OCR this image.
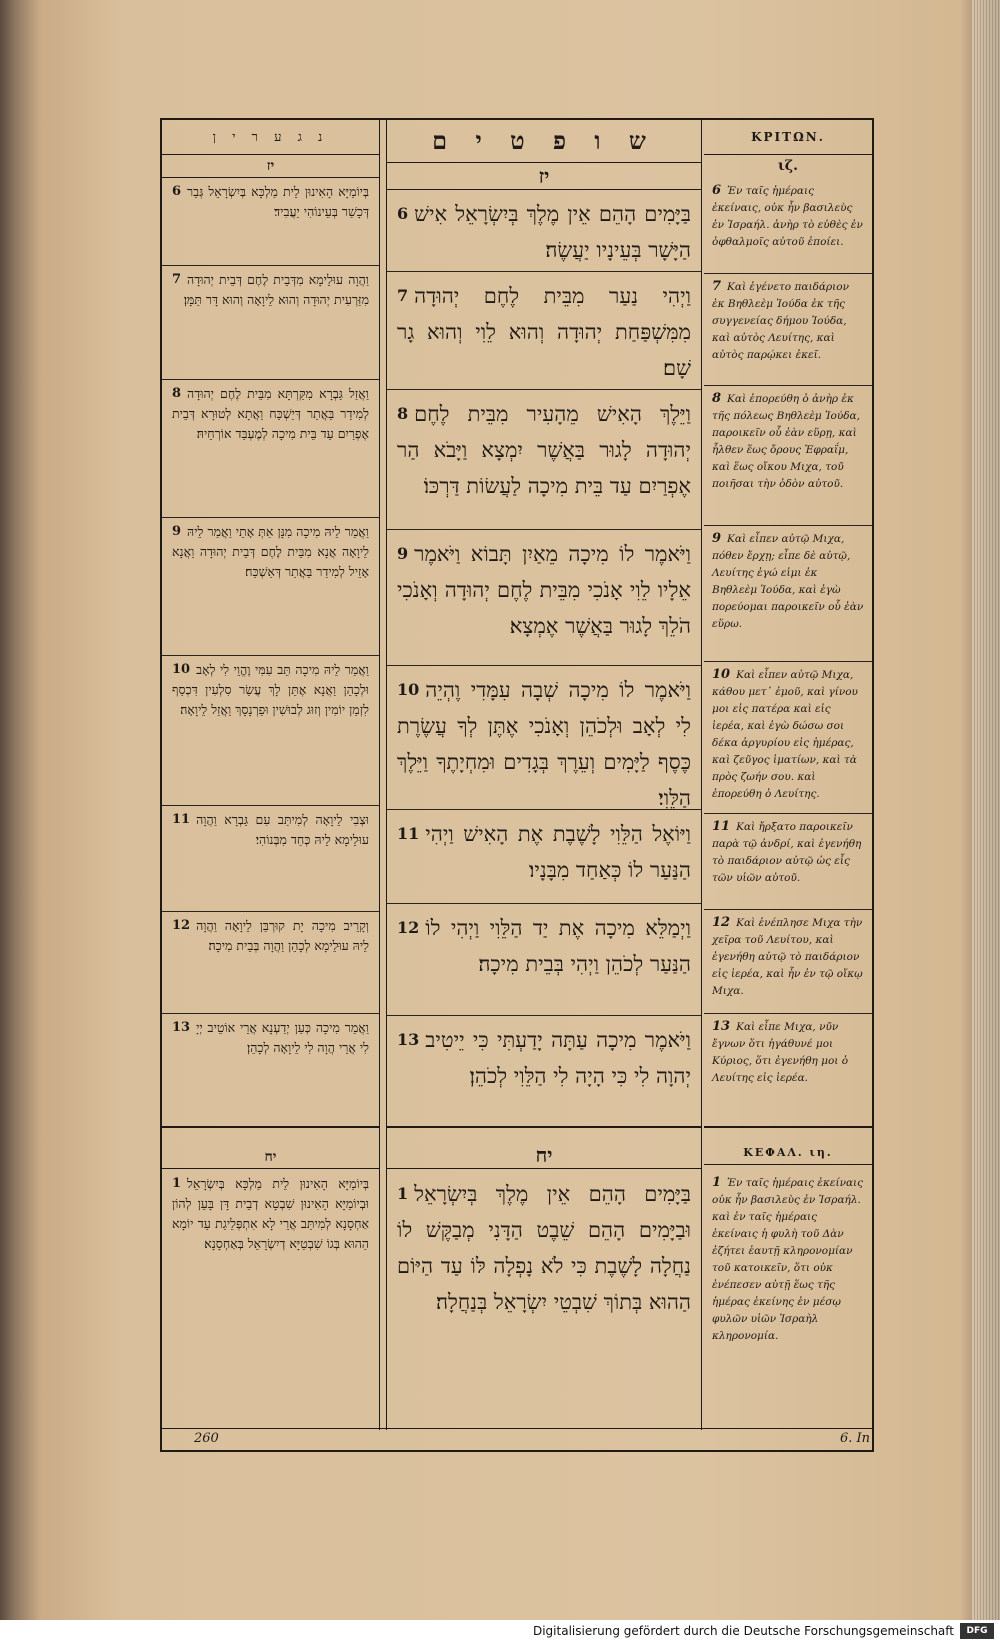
נ ג ע ר י ן
יז
6 בְּיוֹמַיָּא הָאִינוּן לֵית מַלְכָּא בְּיִשְׂרָאֵל גְּבַר דְּכָשַׁר בְּעֵינוֹהִי יַעֲבִיד׃
7 וַהֲוָה עוּלֵימָא מִדְּבֵית לֶחֶם דְּבֵית יְהוּדָה מִזַּרְעִית יְהוּדָה וְהוּא לֵיוָאָה וְהוּא דָּר תַּמָּן׃
8 וַאֲזַל גַּבְרָא מִקַּרְתָּא מִבֵּית לֶחֶם יְהוּדָה לְמִידַר בַּאֲתַר דְּיַשְׁכַּח וַאֲתָא לְטוּרָא דְּבֵית אֶפְרַיִם עַד בֵּית מִיכָה לְמֶעְבַּד אוֹרְחֵיהּ׃
9 וַאֲמַר לֵיהּ מִיכָה מִנָּן אַתְּ אָתֵי וַאֲמַר לֵיהּ לֵיוָאָה אֲנָא מִבֵּית לֶחֶם דְּבֵית יְהוּדָה וַאֲנָא אָזֵיל לְמִידַר בַּאֲתַר דְּאַשְׁכַּח׃
10 וַאֲמַר לֵיהּ מִיכָה תֵּב עִמִּי וֶהֱוֵי לִי לְאָב וּלְכָהֵן וַאֲנָא אֶתֵּן לָךְ עֲשַׂר סִלְעִין דִּכְסַף לִזְמַן יוֹמִין וְזוּג לְבוּשִׁין וּפַרְנָסָךְ וַאֲזַל לֵיוָאָה׃
11 וּצְבִי לֵיוָאָה לְמִיתַּב עִם גַּבְרָא וַהֲוָה עוּלֵימָא לֵיהּ כְּחַד מִבְּנוֹהִי׃
12 וְקָרֵיב מִיכָה יָת קוּרְבַּן לֵיוָאָה וַהֲוָה לֵיהּ עוּלֵימָא לְכָהֵן וַהֲוָה בְּבֵית מִיכָה׃
13 וַאֲמַר מִיכָה כְּעַן יְדַעְנָא אֲרֵי אוֹטֵיב יְיָ לִי אֲרֵי הֲוָה לִי לֵיוָאָה לְכָהֵן׃
יח
1 בְּיוֹמַיָּא הָאִינוּן לֵית מַלְכָּא בְּיִשְׂרָאֵל וּבְיוֹמַיָּא הָאִינוּן שִׁבְטָא דְבֵית דָּן בָּעֵן לְהוֹן אַחְסָנָא לְמִיתַּב אֲרֵי לָא אִתְפְּלֵיגַת עַד יוֹמָא הַהוּא בְּגוֹ שִׁבְטַיָּא דְיִשְׂרָאֵל בְּאַחְסָנָא׃
ש ו פ ט י ם
יז
6 בַּיָּמִים הָהֵם אֵין מֶלֶךְ בְּיִשְׂרָאֵל אִישׁ הַיָּשָׁר בְּעֵינָיו יַעֲשֶׂה׃
7 וַיְהִי נַעַר מִבֵּית לֶחֶם יְהוּדָה מִמִּשְׁפַּחַת יְהוּדָה וְהוּא לֵוִי וְהוּא גָר שָׁם׃
8 וַיֵּלֶךְ הָאִישׁ מֵהָעִיר מִבֵּית לֶחֶם יְהוּדָה לָגוּר בַּאֲשֶׁר יִמְצָא וַיָּבֹא הַר אֶפְרַיִם עַד בֵּית מִיכָה לַעֲשׂוֹת דַּרְכּוֹ׃
9 וַיֹּאמֶר לוֹ מִיכָה מֵאַיִן תָּבוֹא וַיֹּאמֶר אֵלָיו לֵוִי אָנֹכִי מִבֵּית לֶחֶם יְהוּדָה וְאָנֹכִי הֹלֵךְ לָגוּר בַּאֲשֶׁר אֶמְצָא׃
10 וַיֹּאמֶר לוֹ מִיכָה שְׁבָה עִמָּדִי וֶהְיֵה לִי לְאָב וּלְכֹהֵן וְאָנֹכִי אֶתֶּן לְךָ עֲשֶׂרֶת כֶּסֶף לַיָּמִים וְעֵרֶךְ בְּגָדִים וּמִחְיָתֶךָ וַיֵּלֶךְ הַלֵּוִי׃
11 וַיּוֹאֶל הַלֵּוִי לָשֶׁבֶת אֶת הָאִישׁ וַיְהִי הַנַּעַר לוֹ כְּאַחַד מִבָּנָיו׃
12 וַיְמַלֵּא מִיכָה אֶת יַד הַלֵּוִי וַיְהִי לוֹ הַנַּעַר לְכֹהֵן וַיְהִי בְּבֵית מִיכָה׃
13 וַיֹּאמֶר מִיכָה עַתָּה יָדַעְתִּי כִּי יֵיטִיב יְהוָה לִי כִּי הָיָה לִי הַלֵּוִי לְכֹהֵן׃
יח
1 בַּיָּמִים הָהֵם אֵין מֶלֶךְ בְּיִשְׂרָאֵל וּבַיָּמִים הָהֵם שֵׁבֶט הַדָּנִי מְבַקֶּשׁ לוֹ נַחֲלָה לָשֶׁבֶת כִּי לֹא נָפְלָה לּוֹ עַד הַיּוֹם הַהוּא בְּתוֹךְ שִׁבְטֵי יִשְׂרָאֵל בְּנַחֲלָה׃
ΚΡΙΤΩΝ.
ιζ.
6 Ἐν ταῖς ἡμέραις ἐκείναις, οὐκ ἦν βασιλεὺς ἐν Ἰσραήλ. ἀνὴρ τὸ εὐθὲς ἐν ὀφθαλμοῖς αὐτοῦ ἐποίει.
7 Καὶ ἐγένετο παιδάριον ἐκ Βηθλεὲμ Ἰούδα ἐκ τῆς συγγενείας δήμου Ἰούδα, καὶ αὐτὸς Λευίτης, καὶ αὐτὸς παρῴκει ἐκεῖ.
8 Καὶ ἐπορεύθη ὁ ἀνὴρ ἐκ τῆς πόλεως Βηθλεὲμ Ἰούδα, παροικεῖν οὗ ἐὰν εὕρῃ, καὶ ἦλθεν ἕως ὄρους Ἐφραΐμ, καὶ ἕως οἴκου Μιχα, τοῦ ποιῆσαι τὴν ὁδὸν αὐτοῦ.
9 Καὶ εἶπεν αὐτῷ Μιχα, πόθεν ἔρχῃ; εἶπε δὲ αὐτῷ, Λευίτης ἐγώ εἰμι ἐκ Βηθλεὲμ Ἰούδα, καὶ ἐγὼ πορεύομαι παροικεῖν οὗ ἐὰν εὕρω.
10 Καὶ εἶπεν αὐτῷ Μιχα, κάθου μετ᾽ ἐμοῦ, καὶ γίνου μοι εἰς πατέρα καὶ εἰς ἱερέα, καὶ ἐγὼ δώσω σοι δέκα ἀργυρίου εἰς ἡμέρας, καὶ ζεῦγος ἱματίων, καὶ τὰ πρὸς ζωήν σου. καὶ ἐπορεύθη ὁ Λευίτης.
11 Καὶ ἤρξατο παροικεῖν παρὰ τῷ ἀνδρί, καὶ ἐγενήθη τὸ παιδάριον αὐτῷ ὡς εἷς τῶν υἱῶν αὐτοῦ.
12 Καὶ ἐνέπλησε Μιχα τὴν χεῖρα τοῦ Λευίτου, καὶ ἐγενήθη αὐτῷ τὸ παιδάριον εἰς ἱερέα, καὶ ἦν ἐν τῷ οἴκῳ Μιχα.
13 Καὶ εἶπε Μιχα, νῦν ἔγνων ὅτι ἠγάθυνέ μοι Κύριος, ὅτι ἐγενήθη μοι ὁ Λευίτης εἰς ἱερέα.
ΚΕΦΑΛ. ιη.
1 Ἐν ταῖς ἡμέραις ἐκείναις οὐκ ἦν βασιλεὺς ἐν Ἰσραήλ. καὶ ἐν ταῖς ἡμέραις ἐκείναις ἡ φυλὴ τοῦ Δὰν ἐζήτει ἑαυτῇ κληρονομίαν τοῦ κατοικεῖν, ὅτι οὐκ ἐνέπεσεν αὐτῇ ἕως τῆς ἡμέρας ἐκείνης ἐν μέσῳ φυλῶν υἱῶν Ἰσραὴλ κληρονομία.
260	6. In
Digitalisierung gefördert durch die Deutsche Forschungsgemeinschaft	DFG
